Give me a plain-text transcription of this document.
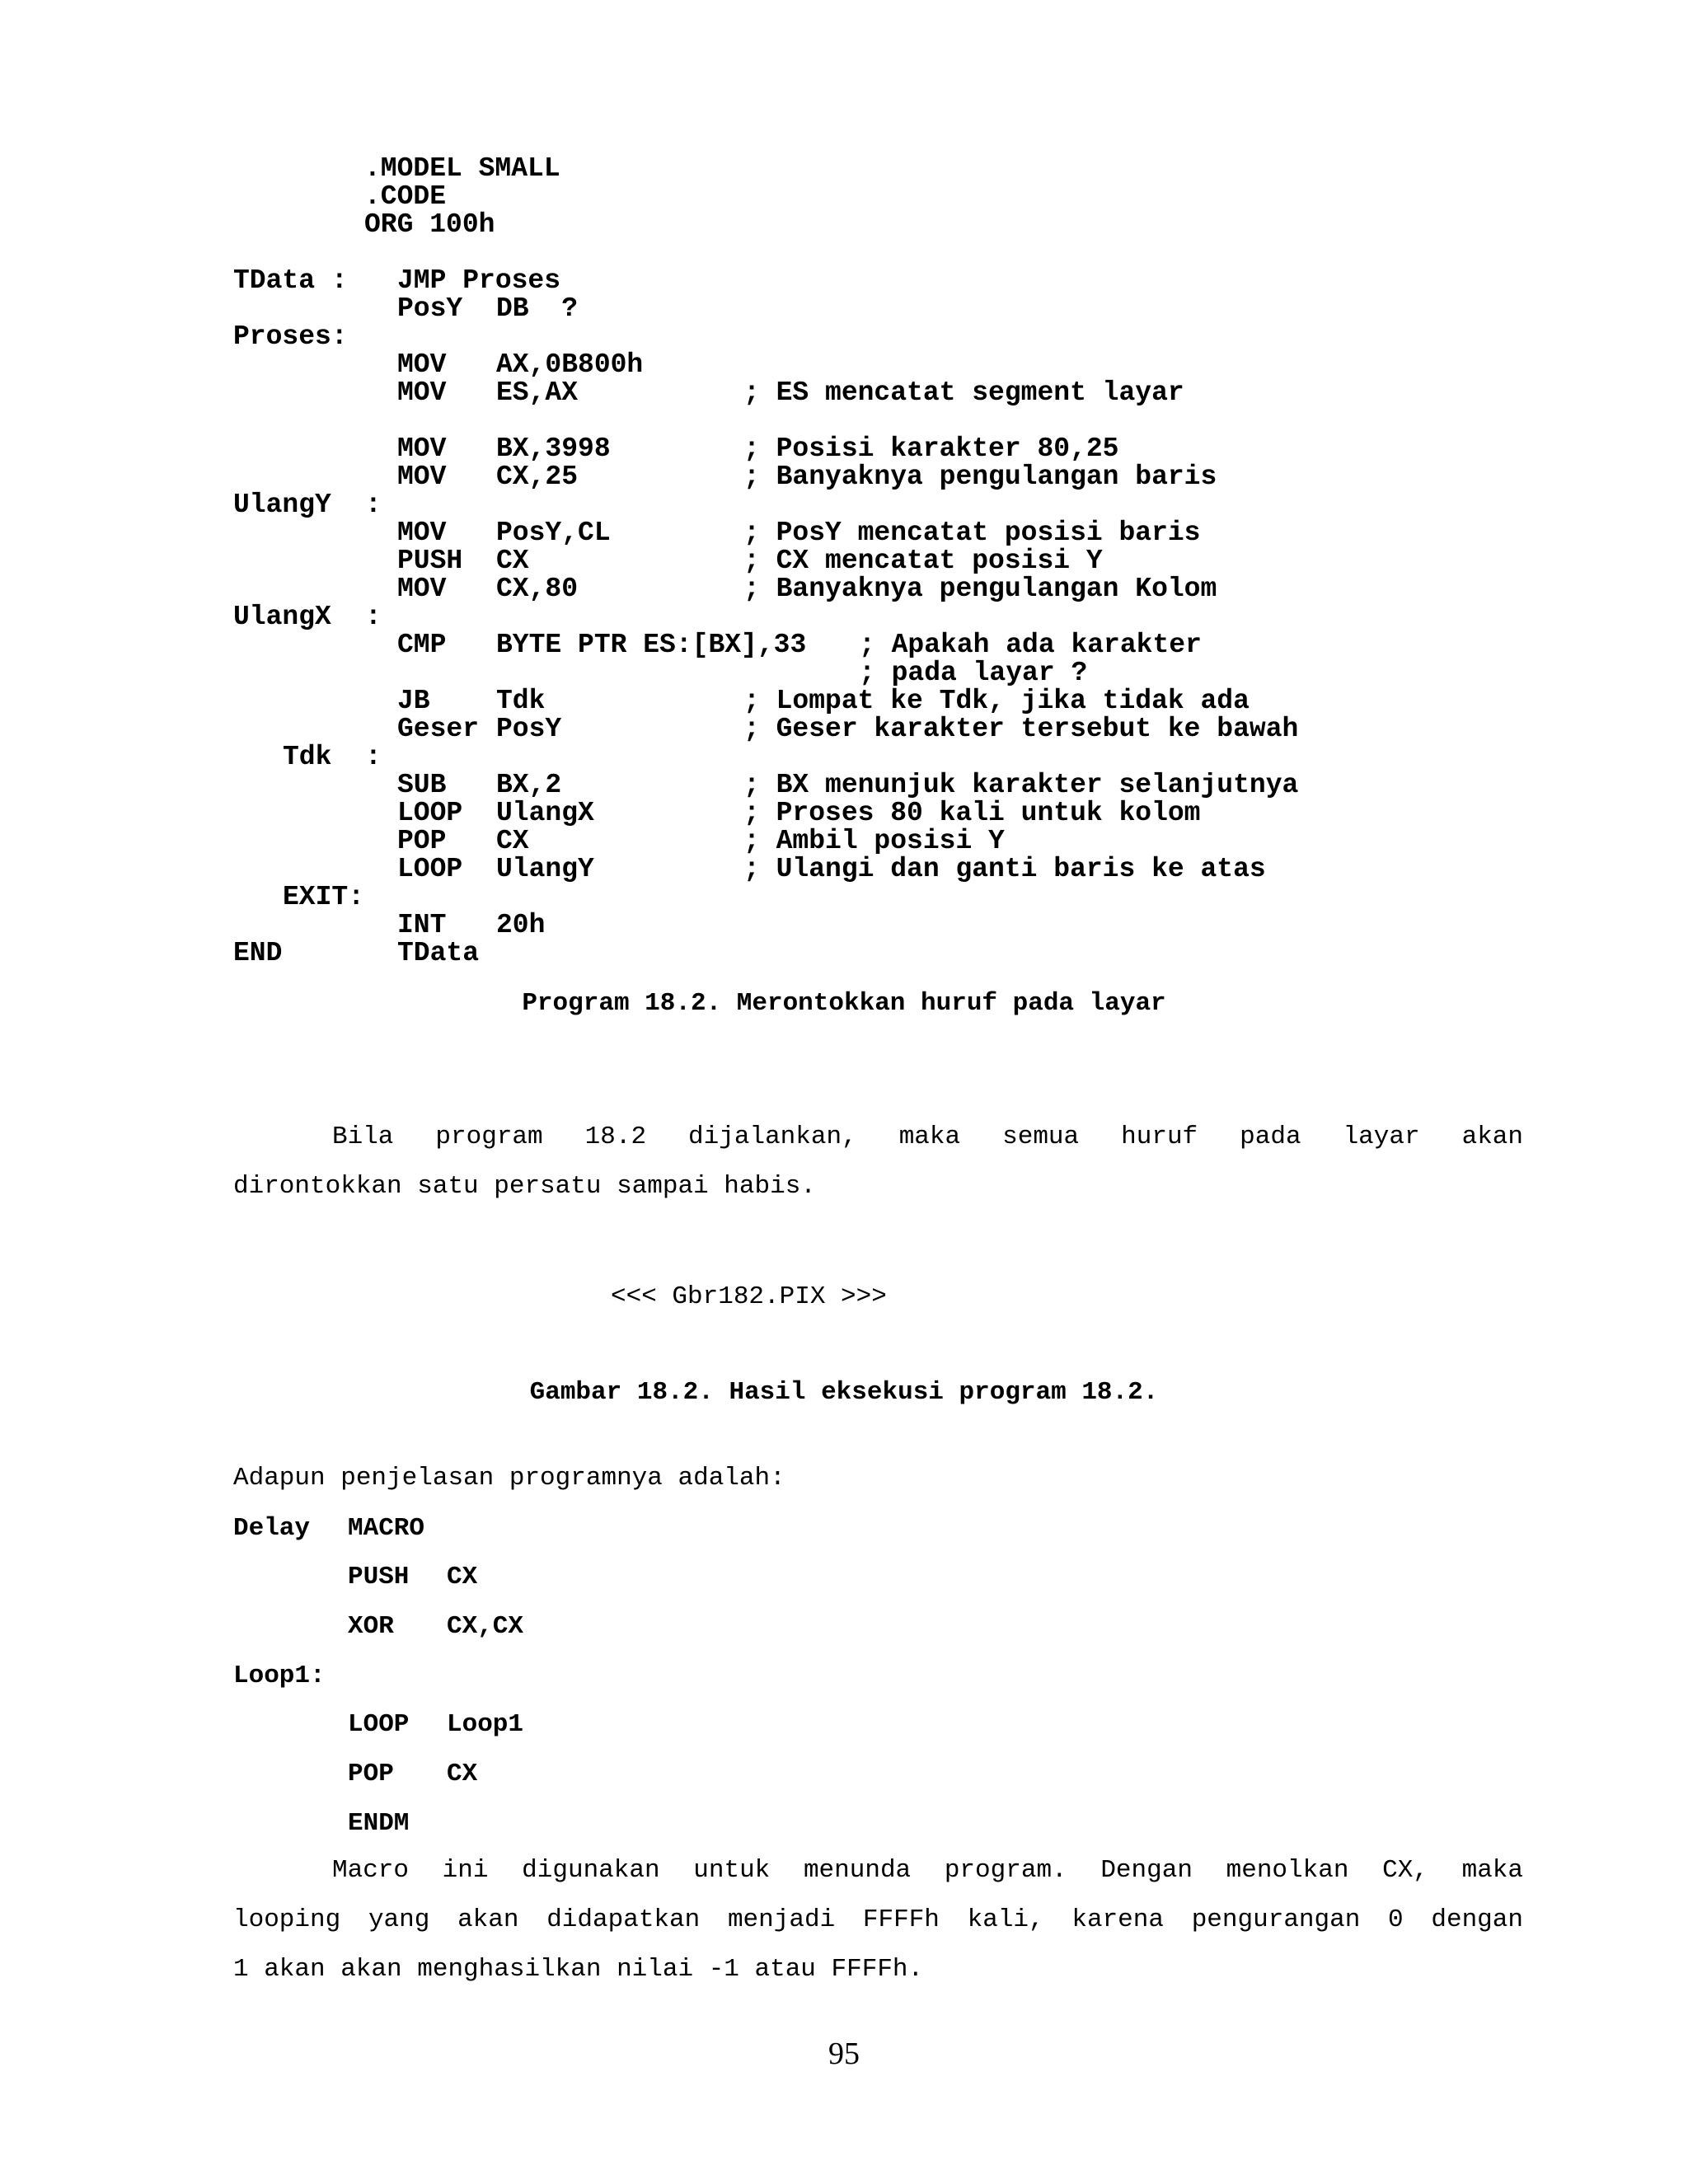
.MODEL SMALL
.CODE
ORG 100h
TData : JMP Proses
PosY DB  ?
Proses:
MOV AX,0B800h
MOV ES,AX	; ES mencatat segment layar
MOV BX,3998	; Posisi karakter 80,25
MOV CX,25	; Banyaknya pengulangan baris
UlangY :
MOV PosY,CL	; PosY mencatat posisi baris
PUSH CX	; CX mencatat posisi Y
MOV CX,80	; Banyaknya pengulangan Kolom
UlangX :
CMP BYTE PTR ES:[BX],33 ; Apakah ada karakter
; pada layar ?
JB Tdk	; Lompat ke Tdk, jika tidak ada
Geser PosY	; Geser karakter tersebut ke bawah
Tdk :
SUB BX,2	; BX menunjuk karakter selanjutnya
LOOP UlangX	; Proses 80 kali untuk kolom
POP CX	; Ambil posisi Y
LOOP UlangY	; Ulangi dan ganti baris ke atas
EXIT:
INT 20h
END	TData
Program 18.2. Merontokkan huruf pada layar
Bila program 18.2 dijalankan, maka semua huruf pada layar akan
dirontokkan satu persatu sampai habis.
<<< Gbr182.PIX >>>
Gambar 18.2. Hasil eksekusi program 18.2.
Adapun penjelasan programnya adalah:
Delay MACRO
PUSH CX
XOR CX,CX
Loop1:
LOOP Loop1
POP CX
ENDM
Macro ini digunakan untuk menunda program. Dengan menolkan CX, maka
looping yang akan didapatkan menjadi FFFFh kali, karena pengurangan 0 dengan
1 akan akan menghasilkan nilai -1 atau FFFFh.
95
